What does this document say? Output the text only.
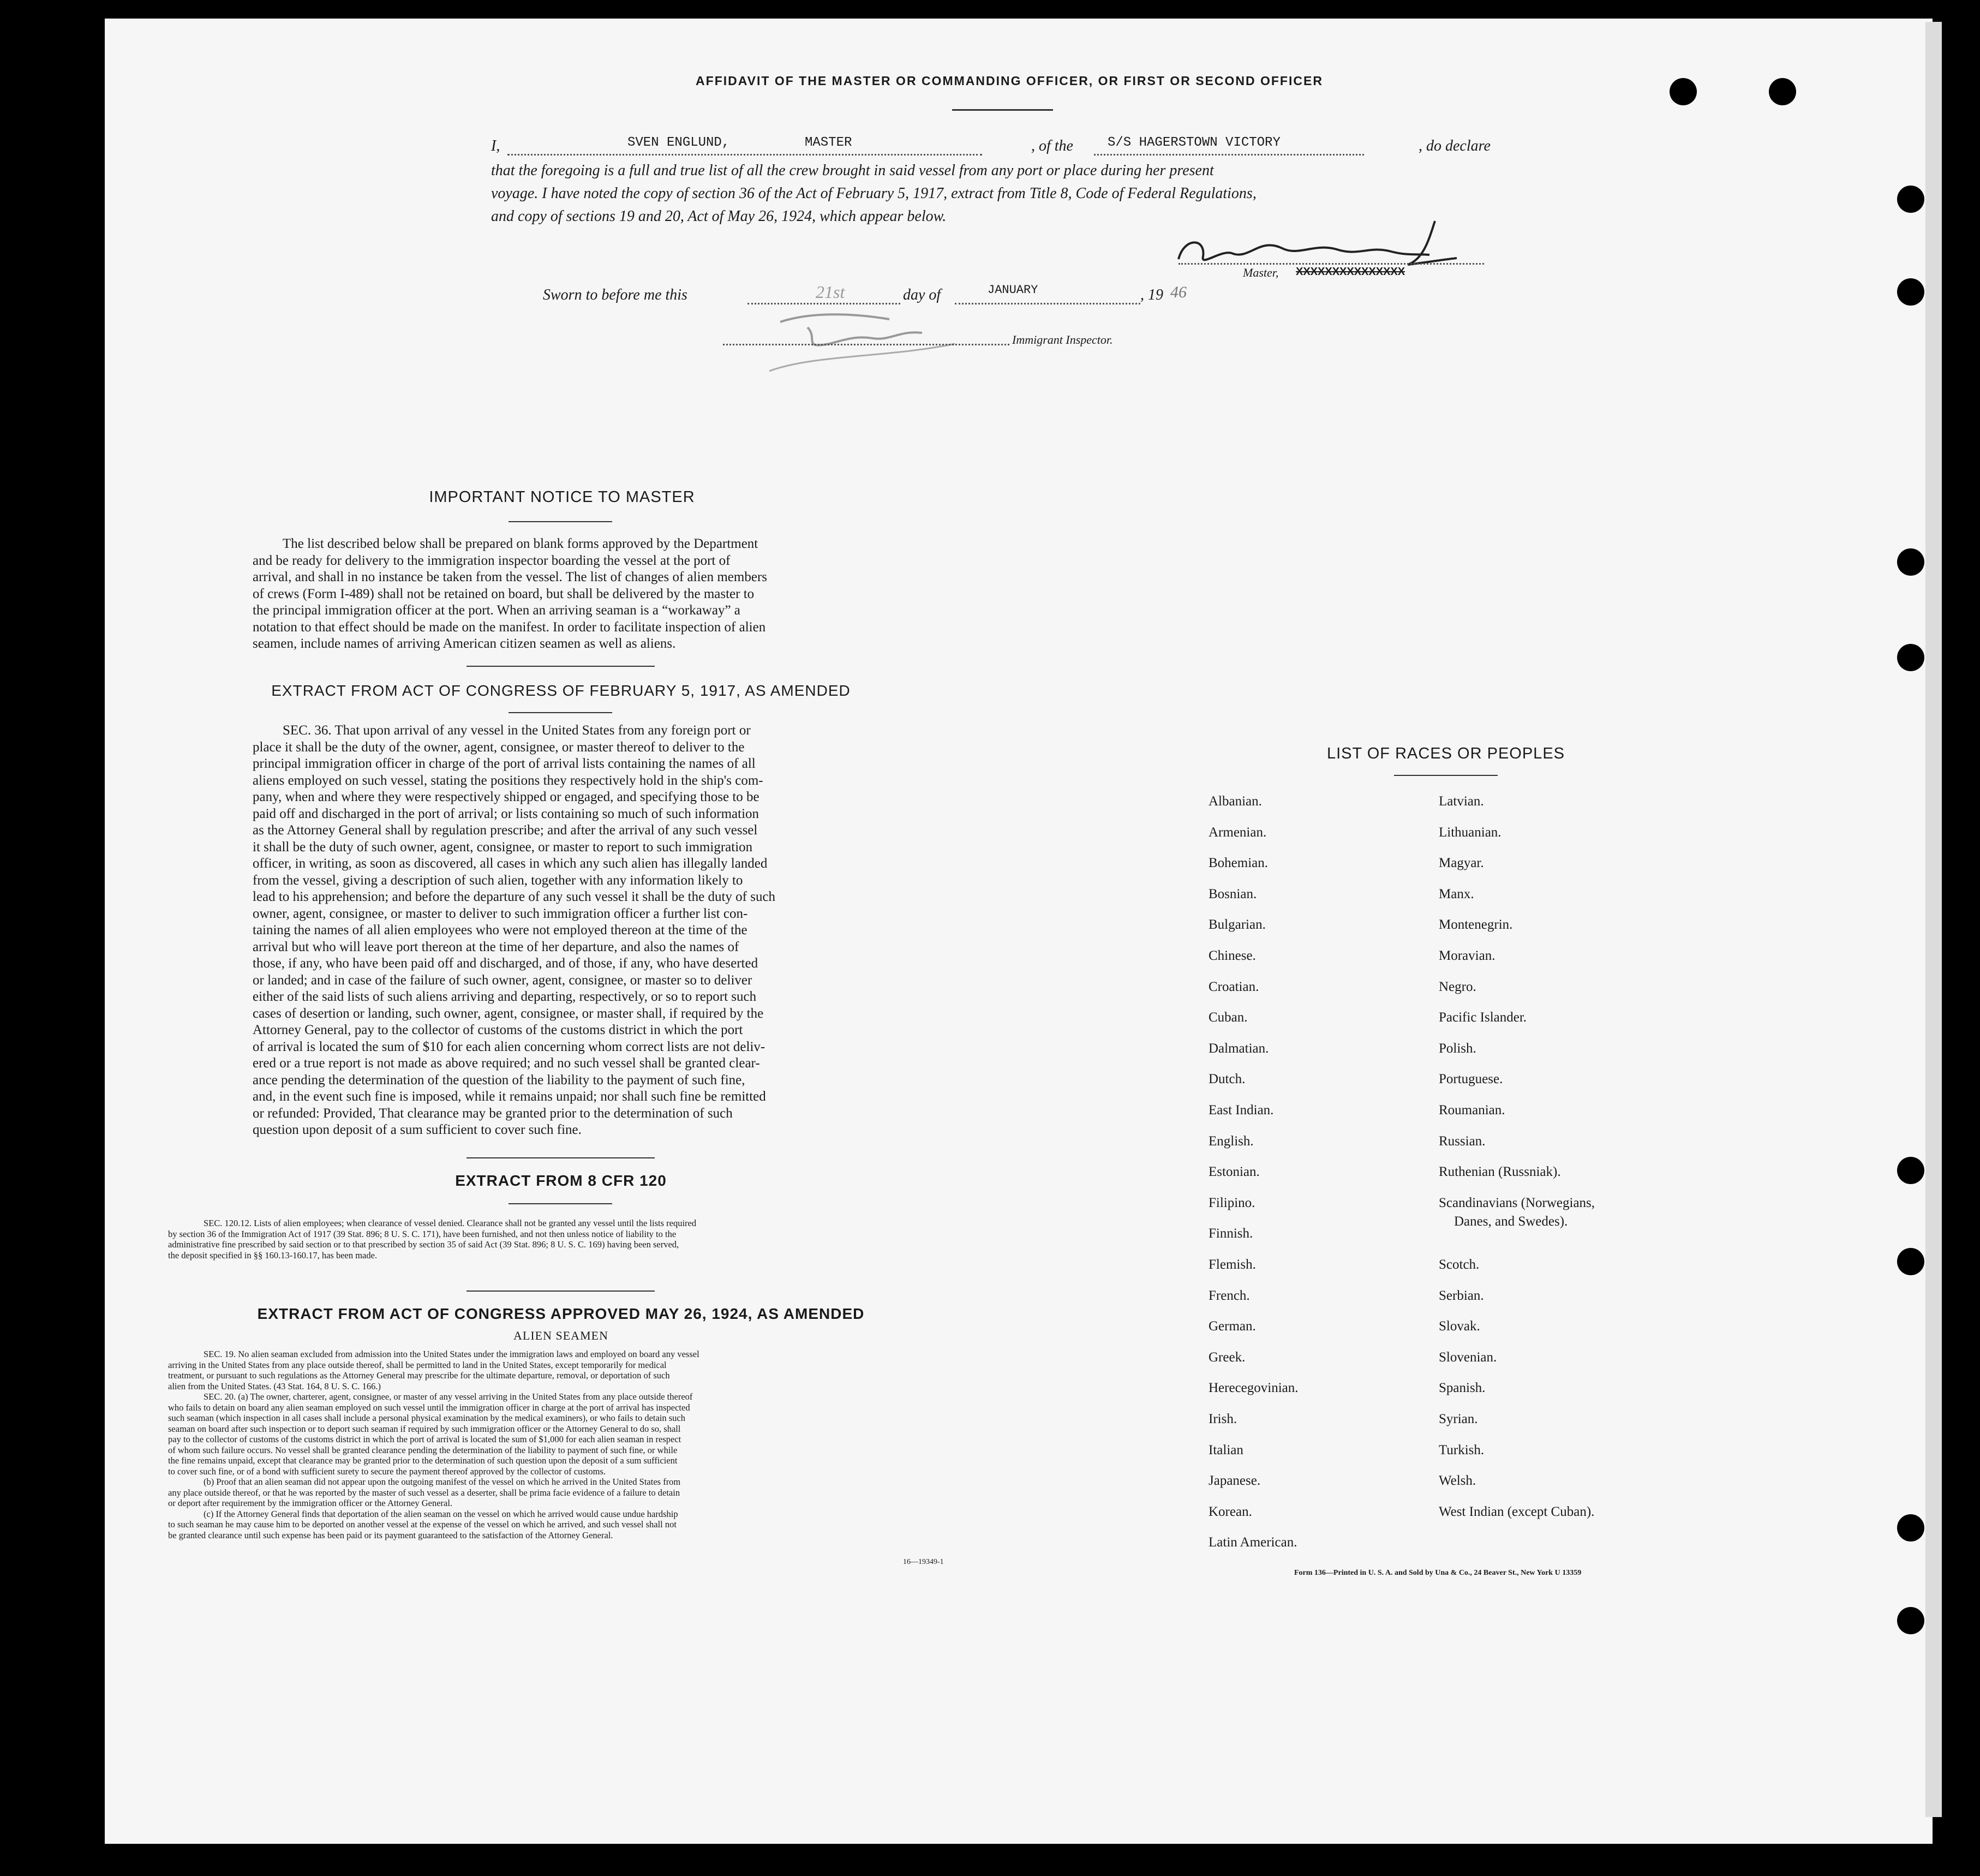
AFFIDAVIT OF THE MASTER OR COMMANDING OFFICER, OR FIRST OR SECOND OFFICER
I,	SVEN ENGLUND,	MASTER	, of the	S/S HAGERSTOWN VICTORY	, do declare
that the foregoing is a full and true list of all the crew brought in said vessel from any port or place during her present
voyage. I have noted the copy of section 36 of the Act of February 5, 1917, extract from Title 8, Code of Federal Regulations,
and copy of sections 19 and 20, Act of May 26, 1924, which appear below.
Master, XXXXXXXXXXXXXXX
Sworn to before me this	21st	day of	JANUARY	, 19 46
Immigrant Inspector.
IMPORTANT NOTICE TO MASTER
The list described below shall be prepared on blank forms approved by the Department
and be ready for delivery to the immigration inspector boarding the vessel at the port of
arrival, and shall in no instance be taken from the vessel. The list of changes of alien members
of crews (Form I-489) shall not be retained on board, but shall be delivered by the master to
the principal immigration officer at the port. When an arriving seaman is a “workaway” a
notation to that effect should be made on the manifest. In order to facilitate inspection of alien
seamen, include names of arriving American citizen seamen as well as aliens.
EXTRACT FROM ACT OF CONGRESS OF FEBRUARY 5, 1917, AS AMENDED
SEC. 36. That upon arrival of any vessel in the United States from any foreign port or
place it shall be the duty of the owner, agent, consignee, or master thereof to deliver to the
principal immigration officer in charge of the port of arrival lists containing the names of all
aliens employed on such vessel, stating the positions they respectively hold in the ship's com-
pany, when and where they were respectively shipped or engaged, and specifying those to be
paid off and discharged in the port of arrival; or lists containing so much of such information
as the Attorney General shall by regulation prescribe; and after the arrival of any such vessel
it shall be the duty of such owner, agent, consignee, or master to report to such immigration
officer, in writing, as soon as discovered, all cases in which any such alien has illegally landed
from the vessel, giving a description of such alien, together with any information likely to
lead to his apprehension; and before the departure of any such vessel it shall be the duty of such
owner, agent, consignee, or master to deliver to such immigration officer a further list con-
taining the names of all alien employees who were not employed thereon at the time of the
arrival but who will leave port thereon at the time of her departure, and also the names of
those, if any, who have been paid off and discharged, and of those, if any, who have deserted
or landed; and in case of the failure of such owner, agent, consignee, or master so to deliver
either of the said lists of such aliens arriving and departing, respectively, or so to report such
cases of desertion or landing, such owner, agent, consignee, or master shall, if required by the
Attorney General, pay to the collector of customs of the customs district in which the port
of arrival is located the sum of $10 for each alien concerning whom correct lists are not deliv-
ered or a true report is not made as above required; and no such vessel shall be granted clear-
ance pending the determination of the question of the liability to the payment of such fine,
and, in the event such fine is imposed, while it remains unpaid; nor shall such fine be remitted
or refunded: Provided, That clearance may be granted prior to the determination of such
question upon deposit of a sum sufficient to cover such fine.
EXTRACT FROM 8 CFR 120
SEC. 120.12. Lists of alien employees; when clearance of vessel denied. Clearance shall not be granted any vessel until the lists required
by section 36 of the Immigration Act of 1917 (39 Stat. 896; 8 U. S. C. 171), have been furnished, and not then unless notice of liability to the
administrative fine prescribed by said section or to that prescribed by section 35 of said Act (39 Stat. 896; 8 U. S. C. 169) having been served,
the deposit specified in §§ 160.13-160.17, has been made.
EXTRACT FROM ACT OF CONGRESS APPROVED MAY 26, 1924, AS AMENDED
ALIEN SEAMEN
SEC. 19. No alien seaman excluded from admission into the United States under the immigration laws and employed on board any vessel
arriving in the United States from any place outside thereof, shall be permitted to land in the United States, except temporarily for medical
treatment, or pursuant to such regulations as the Attorney General may prescribe for the ultimate departure, removal, or deportation of such
alien from the United States. (43 Stat. 164, 8 U. S. C. 166.)
SEC. 20. (a) The owner, charterer, agent, consignee, or master of any vessel arriving in the United States from any place outside thereof
who fails to detain on board any alien seaman employed on such vessel until the immigration officer in charge at the port of arrival has inspected
such seaman (which inspection in all cases shall include a personal physical examination by the medical examiners), or who fails to detain such
seaman on board after such inspection or to deport such seaman if required by such immigration officer or the Attorney General to do so, shall
pay to the collector of customs of the customs district in which the port of arrival is located the sum of $1,000 for each alien seaman in respect
of whom such failure occurs. No vessel shall be granted clearance pending the determination of the liability to payment of such fine, or while
the fine remains unpaid, except that clearance may be granted prior to the determination of such question upon the deposit of a sum sufficient
to cover such fine, or of a bond with sufficient surety to secure the payment thereof approved by the collector of customs.
(b) Proof that an alien seaman did not appear upon the outgoing manifest of the vessel on which he arrived in the United States from
any place outside thereof, or that he was reported by the master of such vessel as a deserter, shall be prima facie evidence of a failure to detain
or deport after requirement by the immigration officer or the Attorney General.
(c) If the Attorney General finds that deportation of the alien seaman on the vessel on which he arrived would cause undue hardship
to such seaman he may cause him to be deported on another vessel at the expense of the vessel on which he arrived, and such vessel shall not
be granted clearance until such expense has been paid or its payment guaranteed to the satisfaction of the Attorney General.
16—19349-1
LIST OF RACES OR PEOPLES
Albanian.
Armenian.
Bohemian.
Bosnian.
Bulgarian.
Chinese.
Croatian.
Cuban.
Dalmatian.
Dutch.
East Indian.
English.
Estonian.
Filipino.
Finnish.
Flemish.
French.
German.
Greek.
Herecegovinian.
Irish.
Italian
Japanese.
Korean.
Latin American.
Latvian.
Lithuanian.
Magyar.
Manx.
Montenegrin.
Moravian.
Negro.
Pacific Islander.
Polish.
Portuguese.
Roumanian.
Russian.
Ruthenian (Russniak).
Scandinavians (Norwegians,
Danes, and Swedes).
Scotch.
Serbian.
Slovak.
Slovenian.
Spanish.
Syrian.
Turkish.
Welsh.
West Indian (except Cuban).
Form 136—Printed in U. S. A. and Sold by Una & Co., 24 Beaver St., New York U 13359
